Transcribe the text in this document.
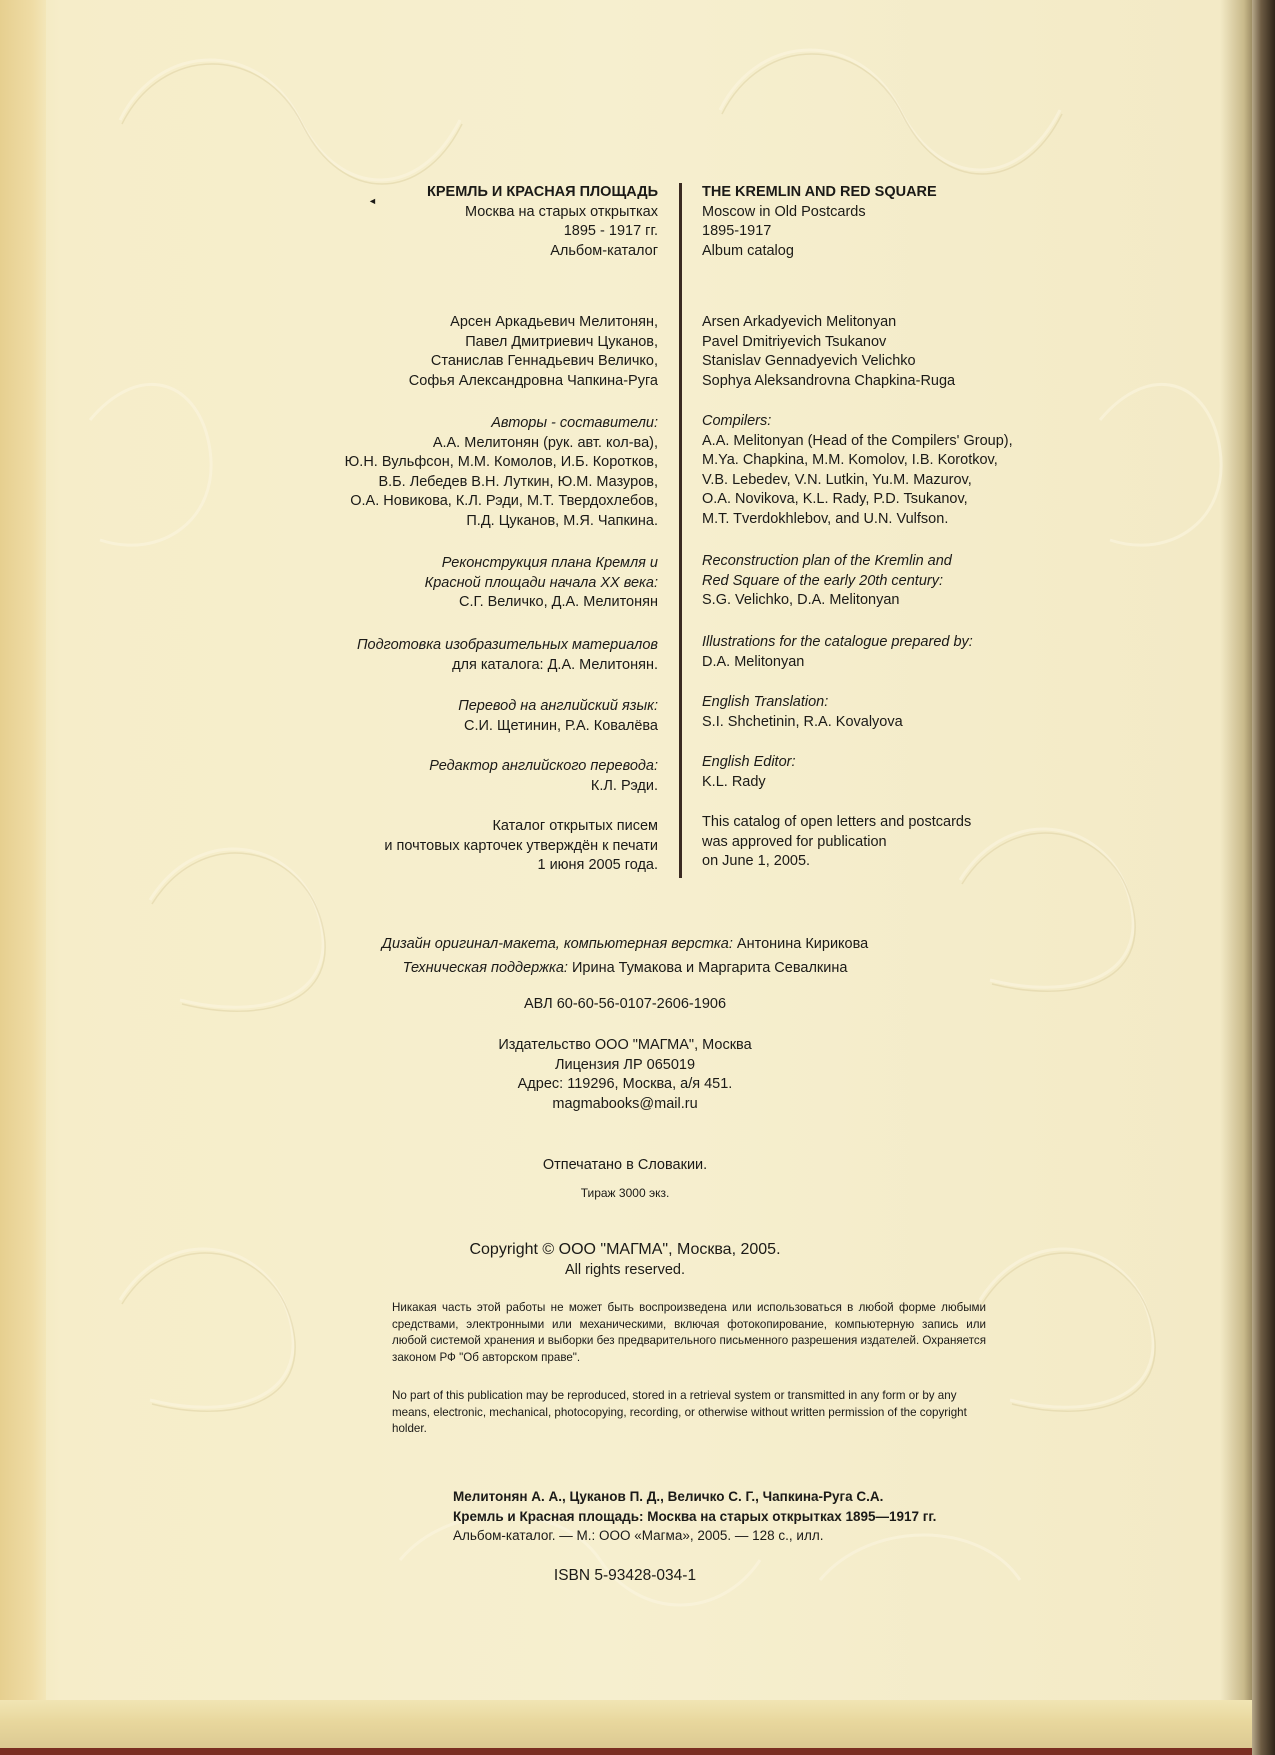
◄
КРЕМЛЬ И КРАСНАЯ ПЛОЩАДЬ
Москва на старых открытках
1895 - 1917 гг.
Альбом-каталог
Арсен Аркадьевич Мелитонян,
Павел Дмитриевич Цуканов,
Станислав Геннадьевич Величко,
Софья Александровна Чапкина-Руга
Авторы - составители:
А.А. Мелитонян (рук. авт. кол-ва),
Ю.Н. Вульфсон, М.М. Комолов, И.Б. Коротков,
В.Б. Лебедев В.Н. Луткин, Ю.М. Мазуров,
О.А. Новикова, К.Л. Рэди, М.Т. Твердохлебов,
П.Д. Цуканов, М.Я. Чапкина.
Реконструкция плана Кремля и
Красной площади начала XX века:
С.Г. Величко, Д.А. Мелитонян
Подготовка изобразительных материалов
для каталога: Д.А. Мелитонян.
Перевод на английский язык:
С.И. Щетинин, Р.А. Ковалёва
Редактор английского перевода:
К.Л. Рэди.
Каталог открытых писем
и почтовых карточек утверждён к печати
1 июня 2005 года.
THE KREMLIN AND RED SQUARE
Moscow in Old Postcards
1895-1917
Album catalog
Arsen Arkadyevich Melitonyan
Pavel Dmitriyevich Tsukanov
Stanislav Gennadyevich Velichko
Sophya Aleksandrovna Chapkina-Ruga
Compilers:
A.A. Melitonyan (Head of the Compilers' Group),
M.Ya. Chapkina, M.M. Komolov, I.B. Korotkov,
V.B. Lebedev, V.N. Lutkin, Yu.M. Mazurov,
O.A. Novikova, K.L. Rady, P.D. Tsukanov,
M.T. Tverdokhlebov, and U.N. Vulfson.
Reconstruction plan of the Kremlin and
Red Square of the early 20th century:
S.G. Velichko, D.A. Melitonyan
Illustrations for the catalogue prepared by:
D.A. Melitonyan
English Translation:
S.I. Shchetinin, R.A. Kovalyova
English Editor:
K.L. Rady
This catalog of open letters and postcards
was approved for publication
on June 1, 2005.
Дизайн оригинал-макета, компьютерная верстка: Антонина Кирикова
Техническая поддержка: Ирина Тумакова и Маргарита Севалкина
АВЛ 60-60-56-0107-2606-1906
Издательство ООО "МАГМА", Москва
Лицензия ЛР 065019
Адрес: 119296, Москва, а/я 451.
magmabooks@mail.ru
Отпечатано в Словакии.
Тираж 3000 экз.
Copyright © ООО "МАГМА", Москва, 2005.
All rights reserved.
Никакая часть этой работы не может быть воспроизведена или использоваться в любой форме любыми средствами, электронными или механическими, включая фотокопирование, компьютерную запись или любой системой хранения и выборки без предварительного письменного разрешения издателей. Охраняется законом РФ "Об авторском праве".
No part of this publication may be reproduced, stored in a retrieval system or transmitted in any form or by any means, electronic, mechanical, photocopying, recording, or otherwise without written permission of the copyright holder.
Мелитонян А. А., Цуканов П. Д., Величко С. Г., Чапкина-Руга С.А.
Кремль и Красная площадь: Москва на старых открытках 1895—1917 гг.
Альбом-каталог. — М.: ООО «Магма», 2005. — 128 с., илл.
ISBN 5-93428-034-1
